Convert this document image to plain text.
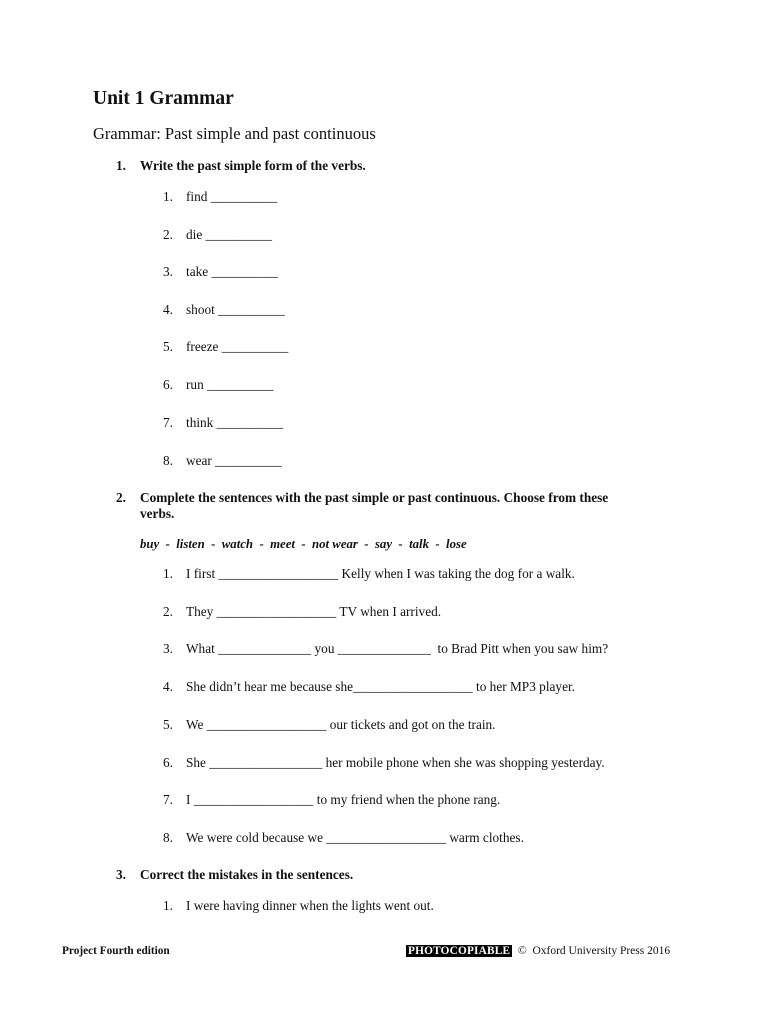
Unit 1 Grammar
Grammar: Past simple and past continuous
1. Write the past simple form of the verbs.
1. find __________
2. die __________
3. take __________
4. shoot __________
5. freeze __________
6. run __________
7. think __________
8. wear __________
2. Complete the sentences with the past simple or past continuous. Choose from these
verbs.
buy  -  listen  -  watch  -  meet  -  not wear  -  say  -  talk  -  lose
1. I first __________________ Kelly when I was taking the dog for a walk.
2. They __________________ TV when I arrived.
3. What ______________ you ______________  to Brad Pitt when you saw him?
4. She didn’t hear me because she__________________ to her MP3 player.
5. We __________________ our tickets and got on the train.
6. She _________________ her mobile phone when she was shopping yesterday.
7. I __________________ to my friend when the phone rang.
8. We were cold because we __________________ warm clothes.
3. Correct the mistakes in the sentences.
1. I were having dinner when the lights went out.
Project Fourth edition	PHOTOCOPIABLE  ©  Oxford University Press 2016
